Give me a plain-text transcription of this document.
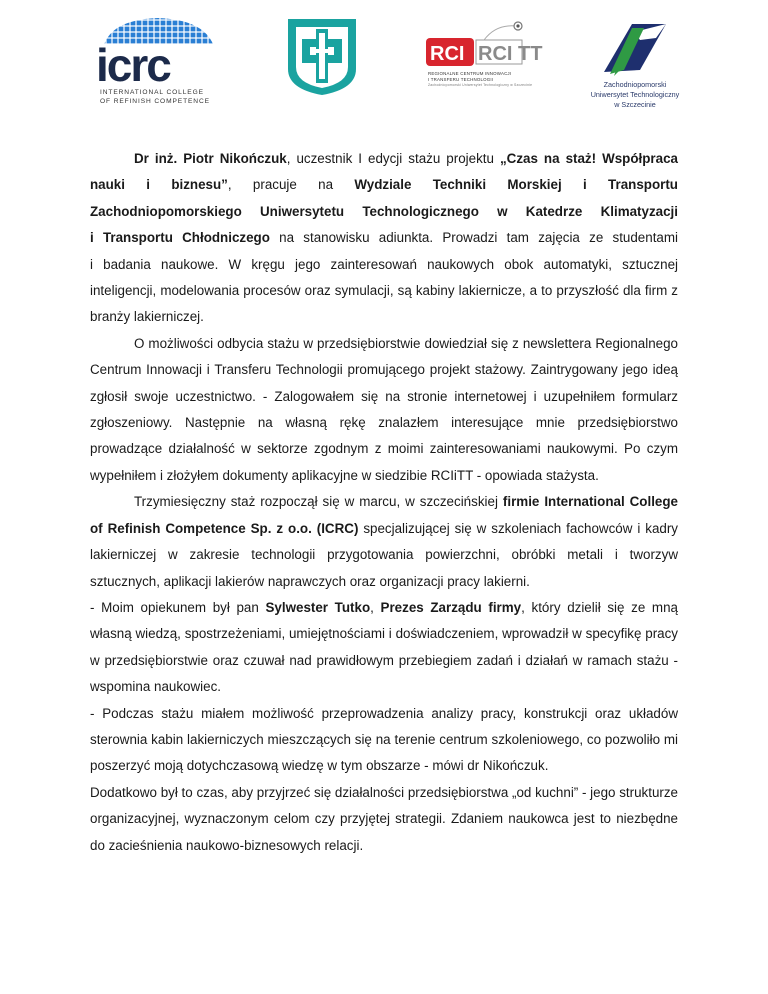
icrc
INTERNATIONAL COLLEGE
OF REFINISH COMPETENCE
RCI RCI TT
REGIONALNE CENTRUM INNOWACJI
I TRANSFERU TECHNOLOGII
Zachodniopomorski Uniwersytet Technologiczny w Szczecinie	Zachodniopomorski
Uniwersytet Technologiczny
w Szczecinie

Dr inż. Piotr Nikończuk, uczestnik I edycji stażu projektu „Czas na staż! Współpraca

nauki i biznesu”, pracuje na Wydziale Techniki Morskiej i Transportu
Zachodniopomorskiego Uniwersytetu Technologicznego w Katedrze Klimatyzacji
i Transportu Chłodniczego na stanowisku adiunkta. Prowadzi tam zajęcia ze studentami
i badania naukowe. W kręgu jego zainteresowań naukowych obok automatyki, sztucznej inteligencji, modelowania procesów oraz symulacji, są kabiny lakiernicze, a to przyszłość dla firm z branży lakierniczej.

O możliwości odbycia stażu w przedsiębiorstwie dowiedział się z newslettera Regionalnego Centrum Innowacji i Transferu Technologii promującego projekt stażowy. Zaintrygowany jego ideą zgłosił swoje uczestnictwo. - Zalogowałem się na stronie internetowej i uzupełniłem formularz zgłoszeniowy. Następnie na własną rękę znalazłem interesujące mnie przedsiębiorstwo prowadzące działalność w sektorze zgodnym z moimi zainteresowaniami naukowymi. Po czym wypełniłem i złożyłem dokumenty aplikacyjne w siedzibie RCIiTT - opowiada stażysta.

Trzymiesięczny staż rozpoczął się w marcu, w szczecińskiej firmie International College of Refinish Competence Sp. z o.o. (ICRC) specjalizującej się w szkoleniach fachowców i kadry lakierniczej w zakresie technologii przygotowania powierzchni, obróbki metali i tworzyw sztucznych, aplikacji lakierów naprawczych oraz organizacji pracy lakierni.

- Moim opiekunem był pan Sylwester Tutko, Prezes Zarządu firmy, który dzielił się ze mną własną wiedzą, spostrzeżeniami, umiejętnościami i doświadczeniem, wprowadził w specyfikę pracy w przedsiębiorstwie oraz czuwał nad prawidłowym przebiegiem zadań i działań w ramach stażu - wspomina naukowiec.

- Podczas stażu miałem możliwość przeprowadzenia analizy pracy, konstrukcji oraz układów sterownia kabin lakierniczych mieszczących się na terenie centrum szkoleniowego, co pozwoliło mi poszerzyć moją dotychczasową wiedzę w tym obszarze - mówi dr Nikończuk.

Dodatkowo był to czas, aby przyjrzeć się działalności przedsiębiorstwa „od kuchni” - jego strukturze organizacyjnej, wyznaczonym celom czy przyjętej strategii. Zdaniem naukowca jest to niezbędne do zacieśnienia naukowo-biznesowych relacji.
